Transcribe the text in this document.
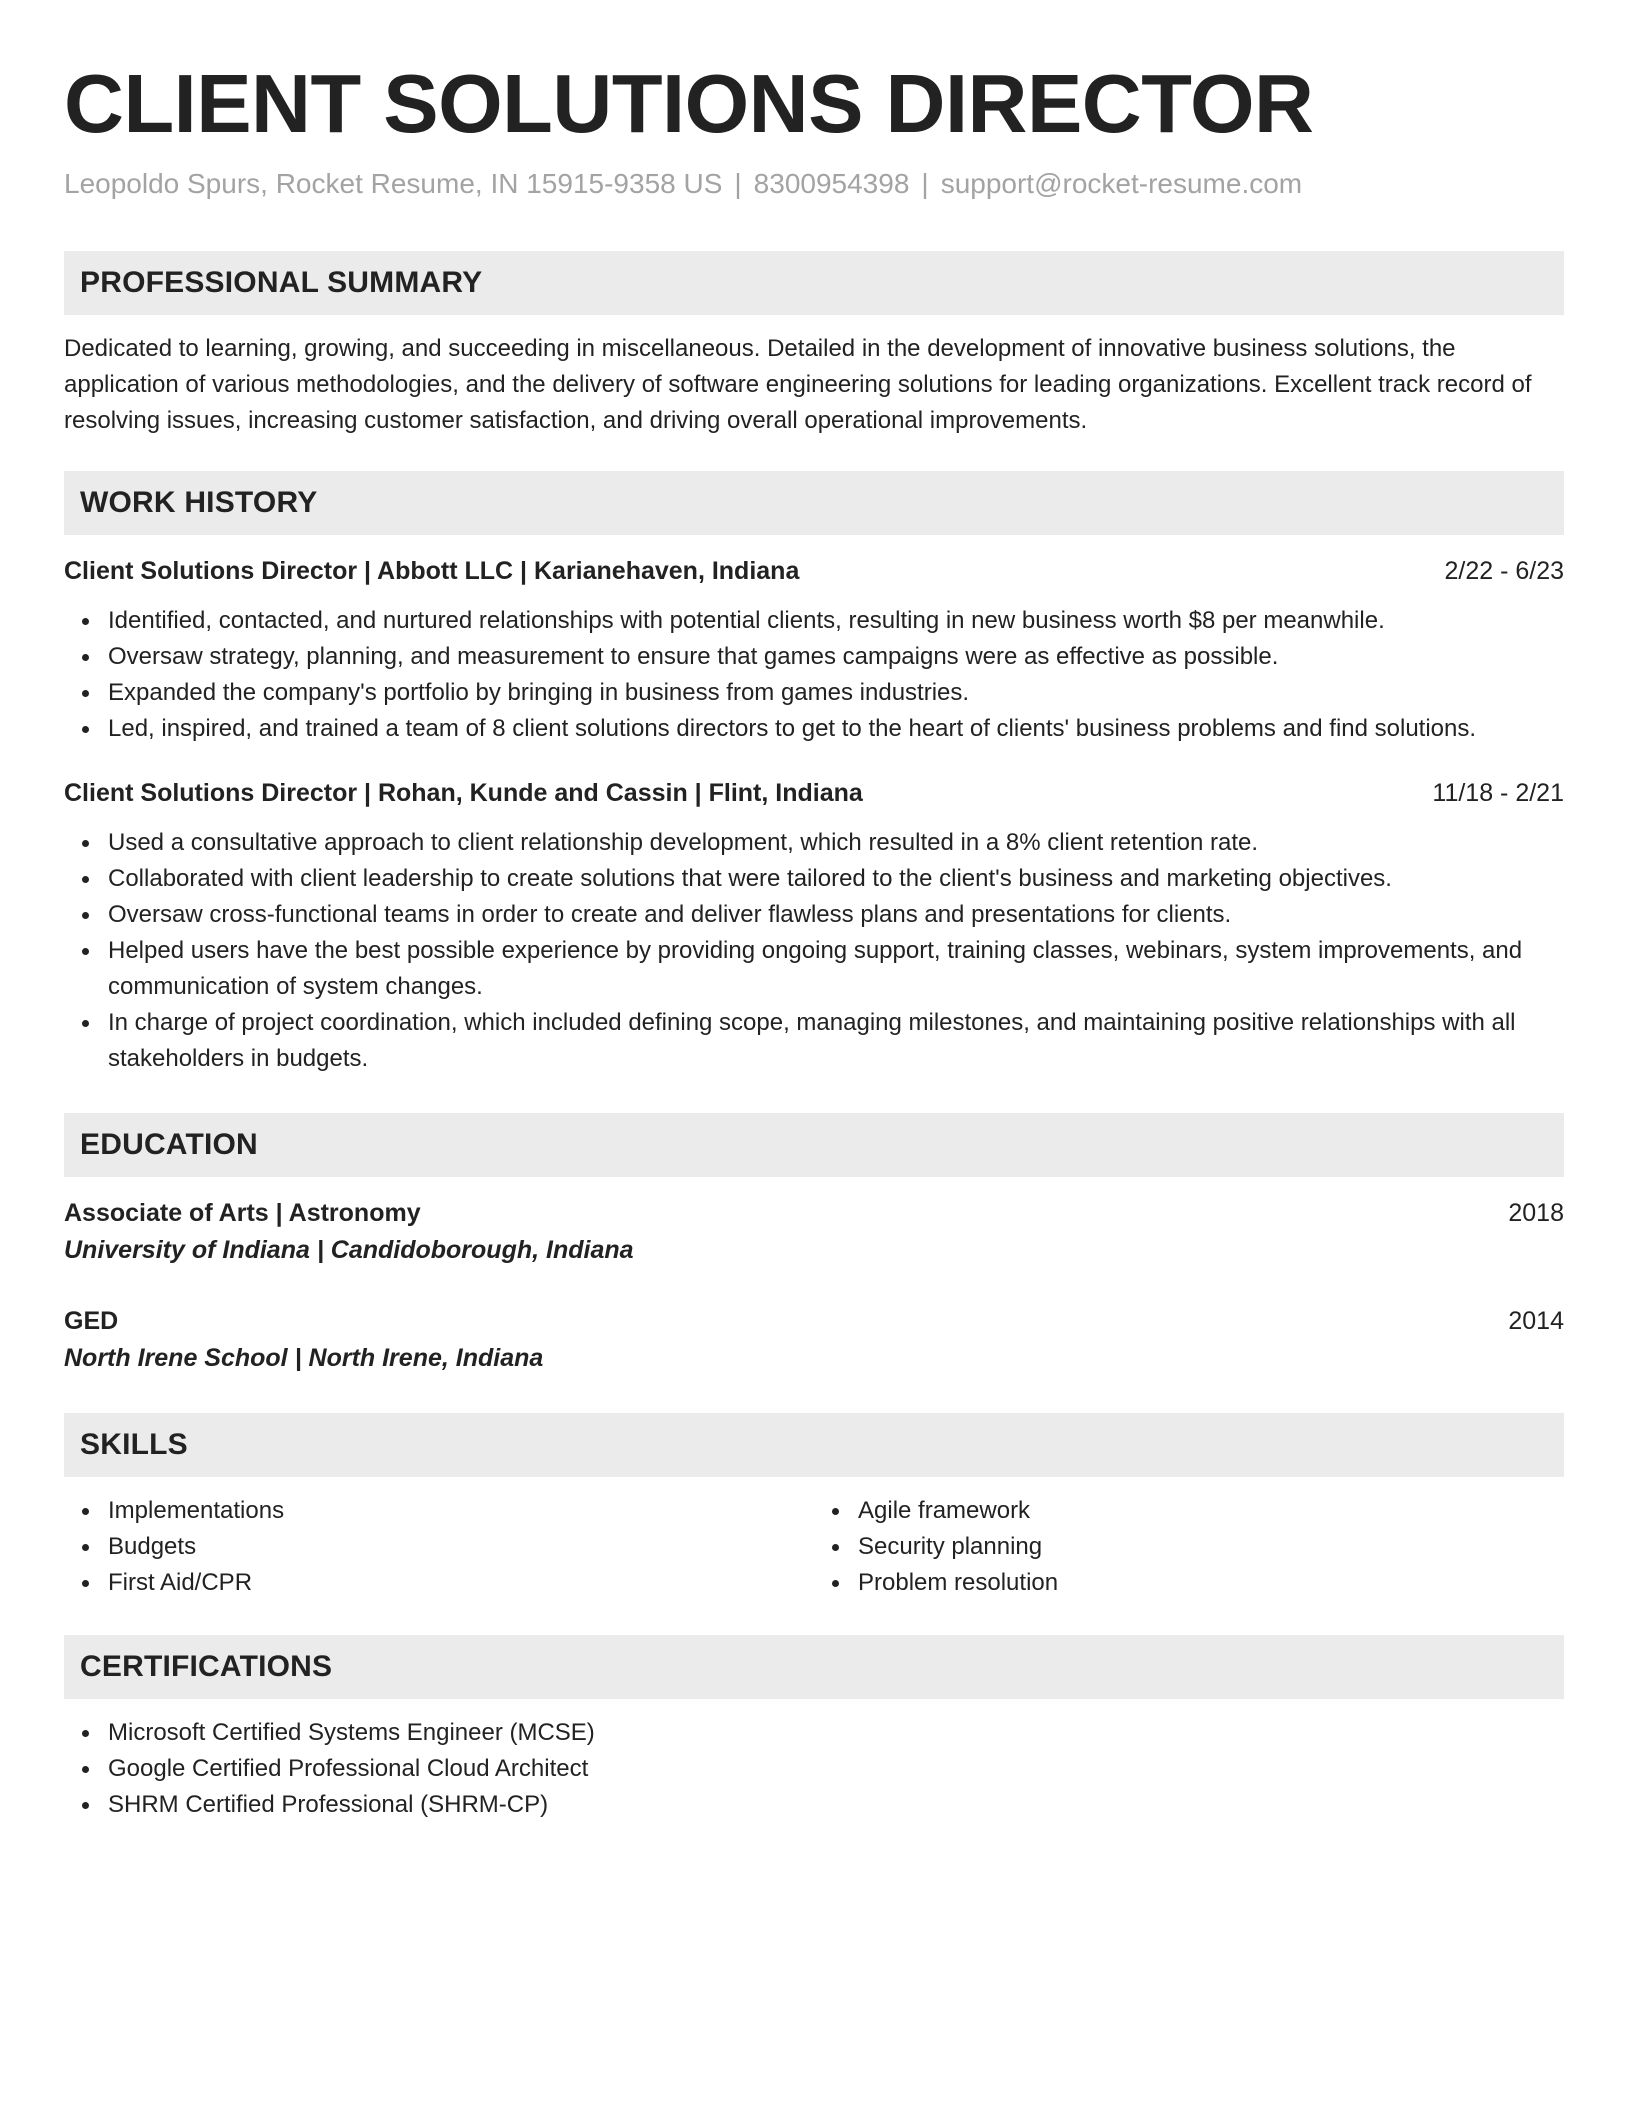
CLIENT SOLUTIONS DIRECTOR
Leopoldo Spurs, Rocket Resume, IN 15915-9358 US | 8300954398 | support@rocket-resume.com
PROFESSIONAL SUMMARY
Dedicated to learning, growing, and succeeding in miscellaneous. Detailed in the development of innovative business solutions, the application of various methodologies, and the delivery of software engineering solutions for leading organizations. Excellent track record of resolving issues, increasing customer satisfaction, and driving overall operational improvements.
WORK HISTORY
Client Solutions Director | Abbott LLC | Karianehaven, Indiana	2/22 - 6/23
Identified, contacted, and nurtured relationships with potential clients, resulting in new business worth $8 per meanwhile.
Oversaw strategy, planning, and measurement to ensure that games campaigns were as effective as possible.
Expanded the company's portfolio by bringing in business from games industries.
Led, inspired, and trained a team of 8 client solutions directors to get to the heart of clients' business problems and find solutions.
Client Solutions Director | Rohan, Kunde and Cassin | Flint, Indiana	11/18 - 2/21
Used a consultative approach to client relationship development, which resulted in a 8% client retention rate.
Collaborated with client leadership to create solutions that were tailored to the client's business and marketing objectives.
Oversaw cross-functional teams in order to create and deliver flawless plans and presentations for clients.
Helped users have the best possible experience by providing ongoing support, training classes, webinars, system improvements, and communication of system changes.
In charge of project coordination, which included defining scope, managing milestones, and maintaining positive relationships with all stakeholders in budgets.
EDUCATION
Associate of Arts | Astronomy	2018
University of Indiana | Candidoborough, Indiana
GED	2014
North Irene School | North Irene, Indiana
SKILLS
Implementations
Budgets
First Aid/CPR
Agile framework
Security planning
Problem resolution
CERTIFICATIONS
Microsoft Certified Systems Engineer (MCSE)
Google Certified Professional Cloud Architect
SHRM Certified Professional (SHRM-CP)
